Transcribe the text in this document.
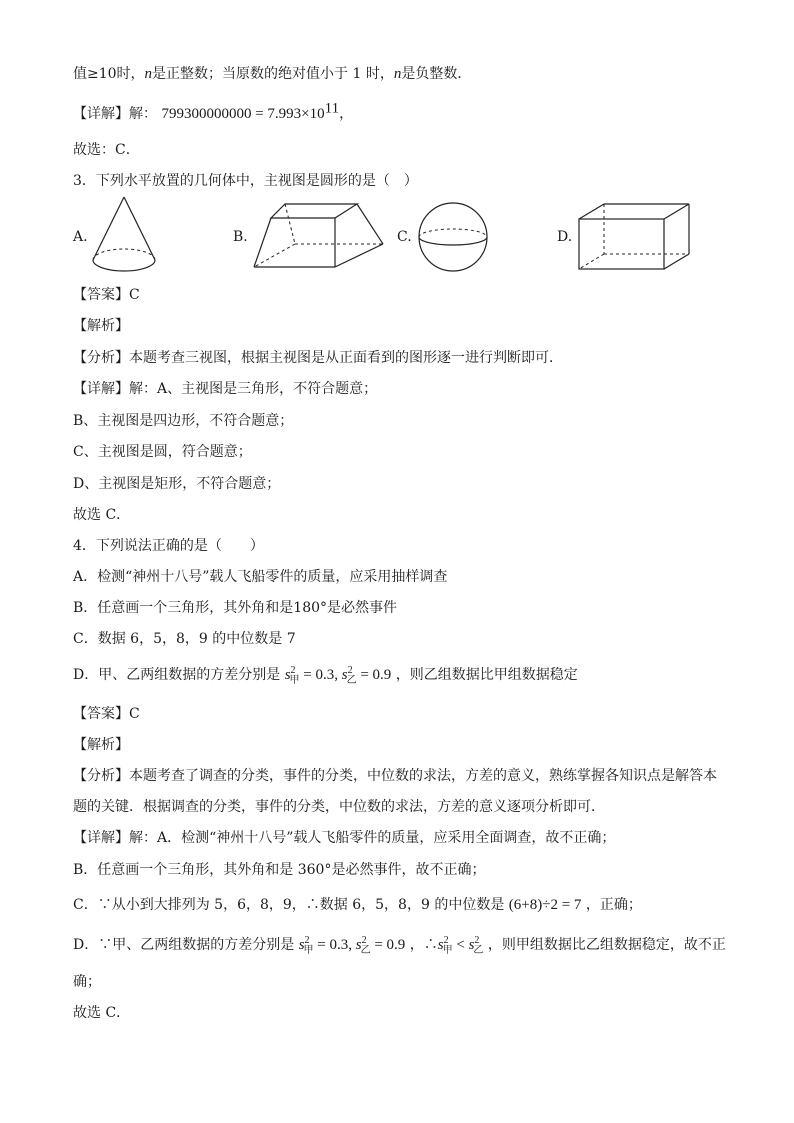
值≥10时，n是正整数；当原数的绝对值小于 1 时，n是负整数．
【详解】解： $799300000000 = 7.993\times 10^{11}$，
故选：C．
3．下列水平放置的几何体中，主视图是圆形的是（　）
A.	B.	C.	D.
【答案】C
【解析】
【分析】本题考查三视图，根据主视图是从正面看到的图形逐一进行判断即可．
【详解】解：A、主视图是三角形，不符合题意；
B、主视图是四边形，不符合题意；
C、主视图是圆，符合题意；
D、主视图是矩形，不符合题意；
故选 C．
4．下列说法正确的是（　　）
A．检测“神州十八号”载人飞船零件的质量，应采用抽样调查
B．任意画一个三角形，其外角和是180°是必然事件
C．数据 6，5，8，9 的中位数是 7
D．甲、乙两组数据的方差分别是 $s^2_甲 = 0.3$, $s^2_乙 = 0.9$ ，则乙组数据比甲组数据稳定
【答案】C
【解析】
【分析】本题考查了调查的分类，事件的分类，中位数的求法，方差的意义，熟练掌握各知识点是解答本
题的关键．根据调查的分类，事件的分类，中位数的求法，方差的意义逐项分析即可．
【详解】解：A．检测“神州十八号”载人飞船零件的质量，应采用全面调查，故不正确；
B．任意画一个三角形，其外角和是 360°是必然事件，故不正确；
C．∵从小到大排列为 5，6，8，9，∴数据 6，5，8，9 的中位数是 (6+8)÷2 = 7 ，正确；
D．∵甲、乙两组数据的方差分别是 $s^2_甲 = 0.3$, $s^2_乙 = 0.9$ ，$\therefore s^2_甲 < s^2_乙$ ，则甲组数据比乙组数据稳定，故不正
确；
故选 C．
